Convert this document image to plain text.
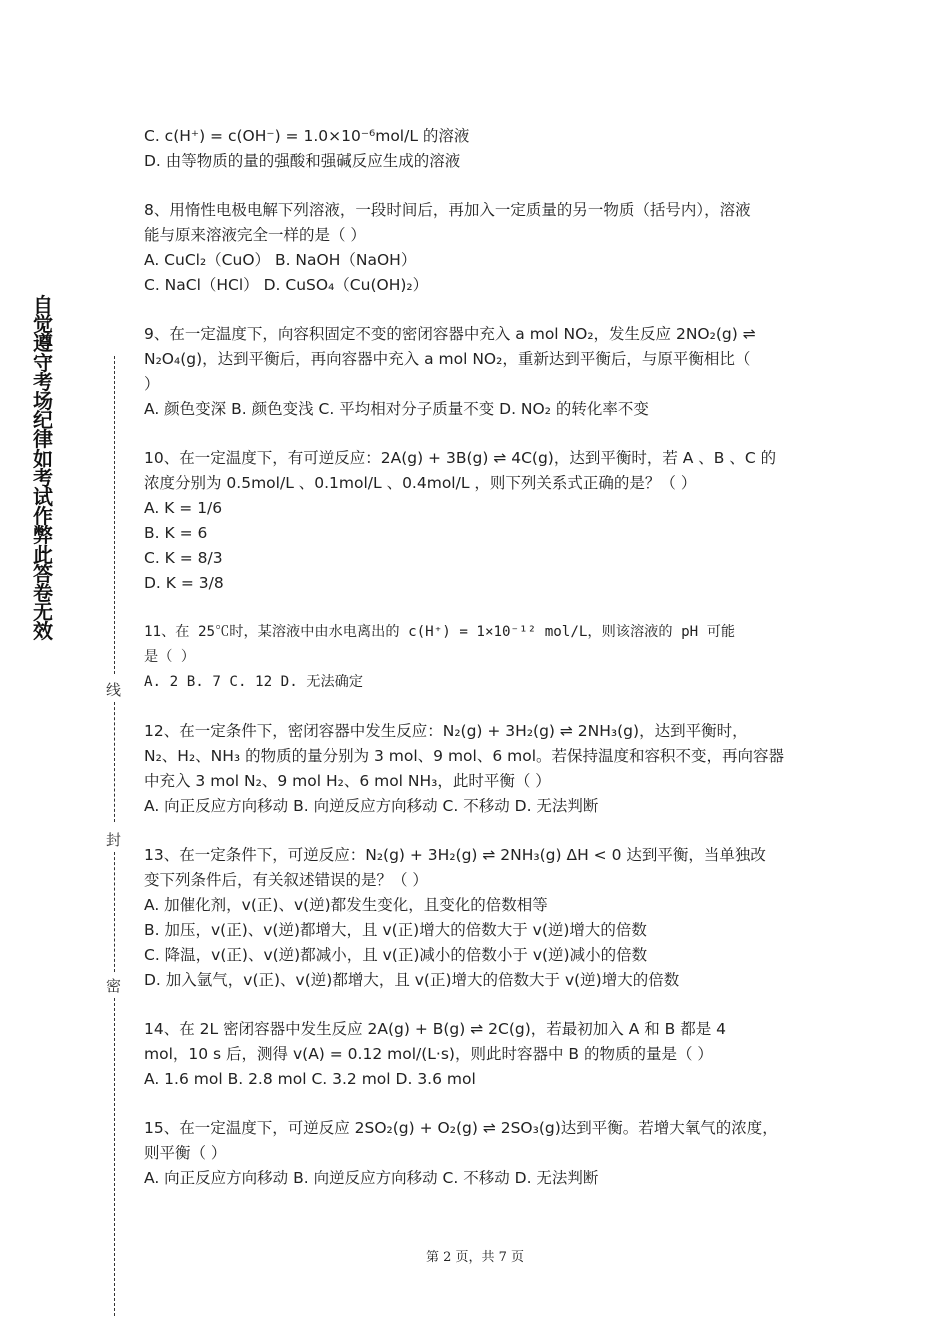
自觉遵守考场纪律如考试作弊此答卷无效
线
封
密
C. c(H⁺) = c(OH⁻) = 1.0×10⁻⁶mol/L 的溶液
D. 由等物质的量的强酸和强碱反应生成的溶液
8、用惰性电极电解下列溶液，一段时间后，再加入一定质量的另一物质（括号内），溶液
能与原来溶液完全一样的是（ ）
A. CuCl₂（CuO） B. NaOH（NaOH）
C. NaCl（HCl） D. CuSO₄（Cu(OH)₂）
9、在一定温度下，向容积固定不变的密闭容器中充入 a mol NO₂，发生反应 2NO₂(g) ⇌
N₂O₄(g)，达到平衡后，再向容器中充入 a mol NO₂，重新达到平衡后，与原平衡相比（
）
A. 颜色变深 B. 颜色变浅 C. 平均相对分子质量不变 D. NO₂ 的转化率不变
10、在一定温度下，有可逆反应：2A(g) + 3B(g) ⇌ 4C(g)，达到平衡时，若 A 、B 、C 的
浓度分别为 0.5mol/L 、0.1mol/L 、0.4mol/L ，则下列关系式正确的是？（ ）
A. K = 1/6
B. K = 6
C. K = 8/3
D. K = 3/8
11、在 25℃时，某溶液中由水电离出的 c(H⁺) = 1×10⁻¹² mol/L，则该溶液的 pH 可能
是（ ）
A. 2 B. 7 C. 12 D. 无法确定
12、在一定条件下，密闭容器中发生反应：N₂(g) + 3H₂(g) ⇌ 2NH₃(g)，达到平衡时，
N₂、H₂、NH₃ 的物质的量分别为 3 mol、9 mol、6 mol。若保持温度和容积不变，再向容器
中充入 3 mol N₂、9 mol H₂、6 mol NH₃，此时平衡（ ）
A. 向正反应方向移动 B. 向逆反应方向移动 C. 不移动 D. 无法判断
13、在一定条件下，可逆反应：N₂(g) + 3H₂(g) ⇌ 2NH₃(g) ΔH < 0 达到平衡，当单独改
变下列条件后，有关叙述错误的是？（ ）
A. 加催化剂，v(正)、v(逆)都发生变化，且变化的倍数相等
B. 加压，v(正)、v(逆)都增大，且 v(正)增大的倍数大于 v(逆)增大的倍数
C. 降温，v(正)、v(逆)都减小，且 v(正)减小的倍数小于 v(逆)减小的倍数
D. 加入氩气，v(正)、v(逆)都增大，且 v(正)增大的倍数大于 v(逆)增大的倍数
14、在 2L 密闭容器中发生反应 2A(g) + B(g) ⇌ 2C(g)，若最初加入 A 和 B 都是 4
mol，10 s 后，测得 v(A) = 0.12 mol/(L·s)，则此时容器中 B 的物质的量是（ ）
A. 1.6 mol B. 2.8 mol C. 3.2 mol D. 3.6 mol
15、在一定温度下，可逆反应 2SO₂(g) + O₂(g) ⇌ 2SO₃(g)达到平衡。若增大氧气的浓度，
则平衡（ ）
A. 向正反应方向移动 B. 向逆反应方向移动 C. 不移动 D. 无法判断
第 2 页，共 7 页
